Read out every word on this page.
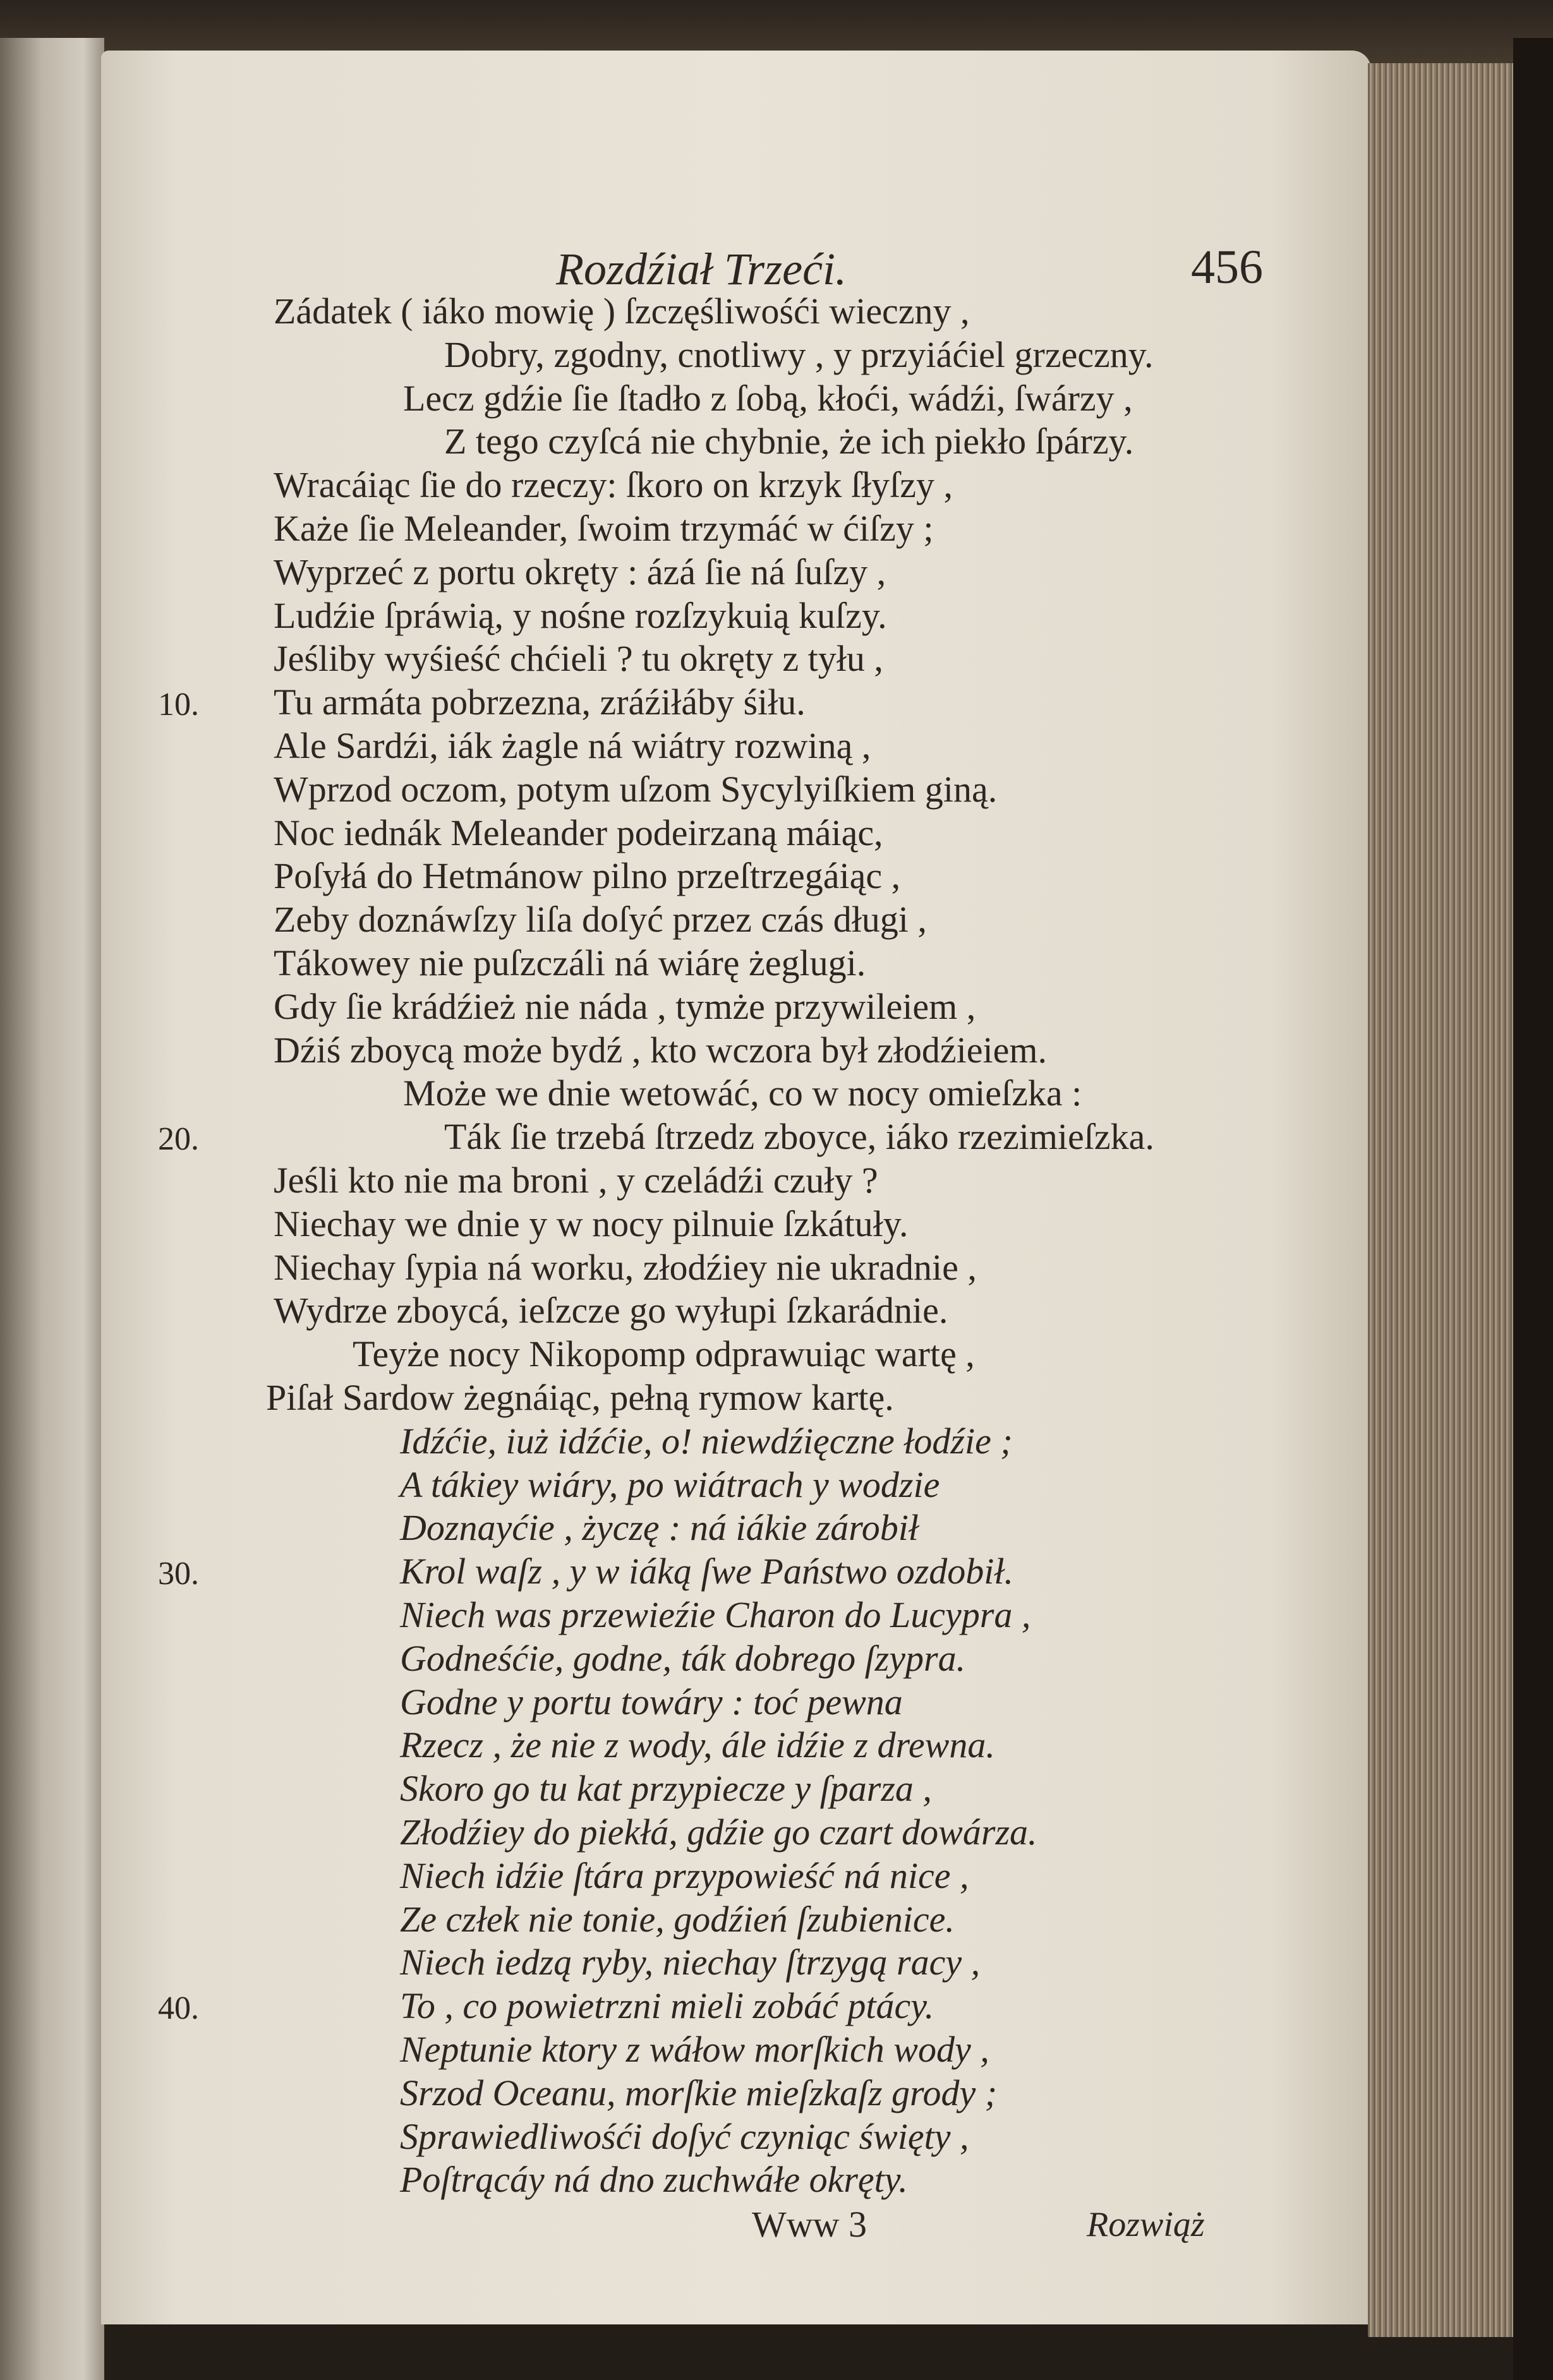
Rozdźiał Trzeći.	456
Zádatek ( iáko mowię ) ſzczęśliwośći wieczny ,
Dobry, zgodny, cnotliwy , y przyiáćiel grzeczny.
Lecz gdźie ſie ſtadło z ſobą, kłoći, wádźi, ſwárzy ,
Z tego czyſcá nie chybnie, że ich piekło ſpárzy.
Wracáiąc ſie do rzeczy: ſkoro on krzyk ſłyſzy ,
Każe ſie Meleander, ſwoim trzymáć w ćiſzy ;
Wyprzeć z portu okręty : ázá ſie ná ſuſzy ,
Ludźie ſpráwią, y nośne rozſzykuią kuſzy.
Jeśliby wyśieść chćieli ? tu okręty z tyłu ,
Tu armáta pobrzezna, zráźiłáby śiłu.
10.
Ale Sardźi, iák żagle ná wiátry rozwiną ,
Wprzod oczom, potym uſzom Sycylyiſkiem giną.
Noc iednák Meleander podeirzaną máiąc,
Poſyłá do Hetmánow pilno przeſtrzegáiąc ,
Zeby doznáwſzy liſa doſyć przez czás długi ,
Tákowey nie puſzczáli ná wiárę żeglugi.
Gdy ſie krádźież nie náda , tymże przywileiem ,
Dźiś zboycą może bydź , kto wczora był złodźieiem.
Może we dnie wetowáć, co w nocy omieſzka :
Ták ſie trzebá ſtrzedz zboyce, iáko rzezimieſzka.
20.
Jeśli kto nie ma broni , y czeládźi czuły ?
Niechay we dnie y w nocy pilnuie ſzkátuły.
Niechay ſypia ná worku, złodźiey nie ukradnie ,
Wydrze zboycá, ieſzcze go wyłupi ſzkarádnie.
Teyże nocy Nikopomp odprawuiąc wartę ,
Piſał Sardow żegnáiąc, pełną rymow kartę.
Idźćie, iuż idźćie, o! niewdźięczne łodźie ;
A tákiey wiáry, po wiátrach y wodzie
Doznayćie , życzę : ná iákie zárobił
Krol waſz , y w iáką ſwe Państwo ozdobił.
30.
Niech was przewieźie Charon do Lucypra ,
Godneśćie, godne, ták dobrego ſzypra.
Godne y portu towáry : toć pewna
Rzecz , że nie z wody, ále idźie z drewna.
Skoro go tu kat przypiecze y ſparza ,
Złodźiey do piekłá, gdźie go czart dowárza.
Niech idźie ſtára przypowieść ná nice ,
Ze człek nie tonie, godźień ſzubienice.
Niech iedzą ryby, niechay ſtrzygą racy ,
To , co powietrzni mieli zobáć ptácy.
40.
Neptunie ktory z wáłow morſkich wody ,
Srzod Oceanu, morſkie mieſzkaſz grody ;
Sprawiedliwośći doſyć czyniąc święty ,
Poſtrącáy ná dno zuchwáłe okręty.
Www 3	Rozwiąż
